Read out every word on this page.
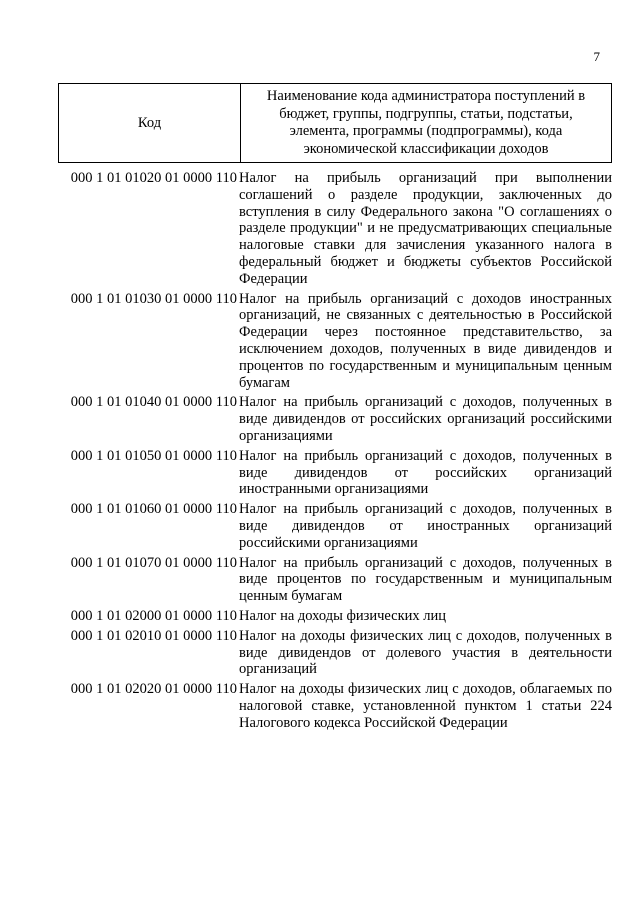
7
Код
Наименование кода администратора поступлений в бюджет, группы, подгруппы, статьи, подстатьи, элемента, программы (подпрограммы), кода экономической классификации доходов
000 1 01 01020 01 0000 110 Налог на прибыль организаций при выполнении соглашений о разделе продукции, заключенных до вступления в силу Федерального закона "О соглашениях о разделе продукции" и не предусматривающих специальные налоговые ставки для зачисления указанного налога в федеральный бюджет и бюджеты субъектов Российской Федерации
000 1 01 01030 01 0000 110 Налог на прибыль организаций с доходов иностранных организаций, не связанных с деятельностью в Российской Федерации через постоянное представительство, за исключением доходов, полученных в виде дивидендов и процентов по государственным и муниципальным ценным бумагам
000 1 01 01040 01 0000 110 Налог на прибыль организаций с доходов, полученных в виде дивидендов от российских организаций российскими организациями
000 1 01 01050 01 0000 110 Налог на прибыль организаций с доходов, полученных в виде дивидендов от российских организаций иностранными организациями
000 1 01 01060 01 0000 110 Налог на прибыль организаций с доходов, полученных в виде дивидендов от иностранных организаций российскими организациями
000 1 01 01070 01 0000 110 Налог на прибыль организаций с доходов, полученных в виде процентов по государственным и муниципальным ценным бумагам
000 1 01 02000 01 0000 110 Налог на доходы физических лиц
000 1 01 02010 01 0000 110 Налог на доходы физических лиц с доходов, полученных в виде дивидендов от долевого участия в деятельности организаций
000 1 01 02020 01 0000 110 Налог на доходы физических лиц с доходов, облагаемых по налоговой ставке, установленной пунктом 1 статьи 224 Налогового кодекса Российской Федерации
